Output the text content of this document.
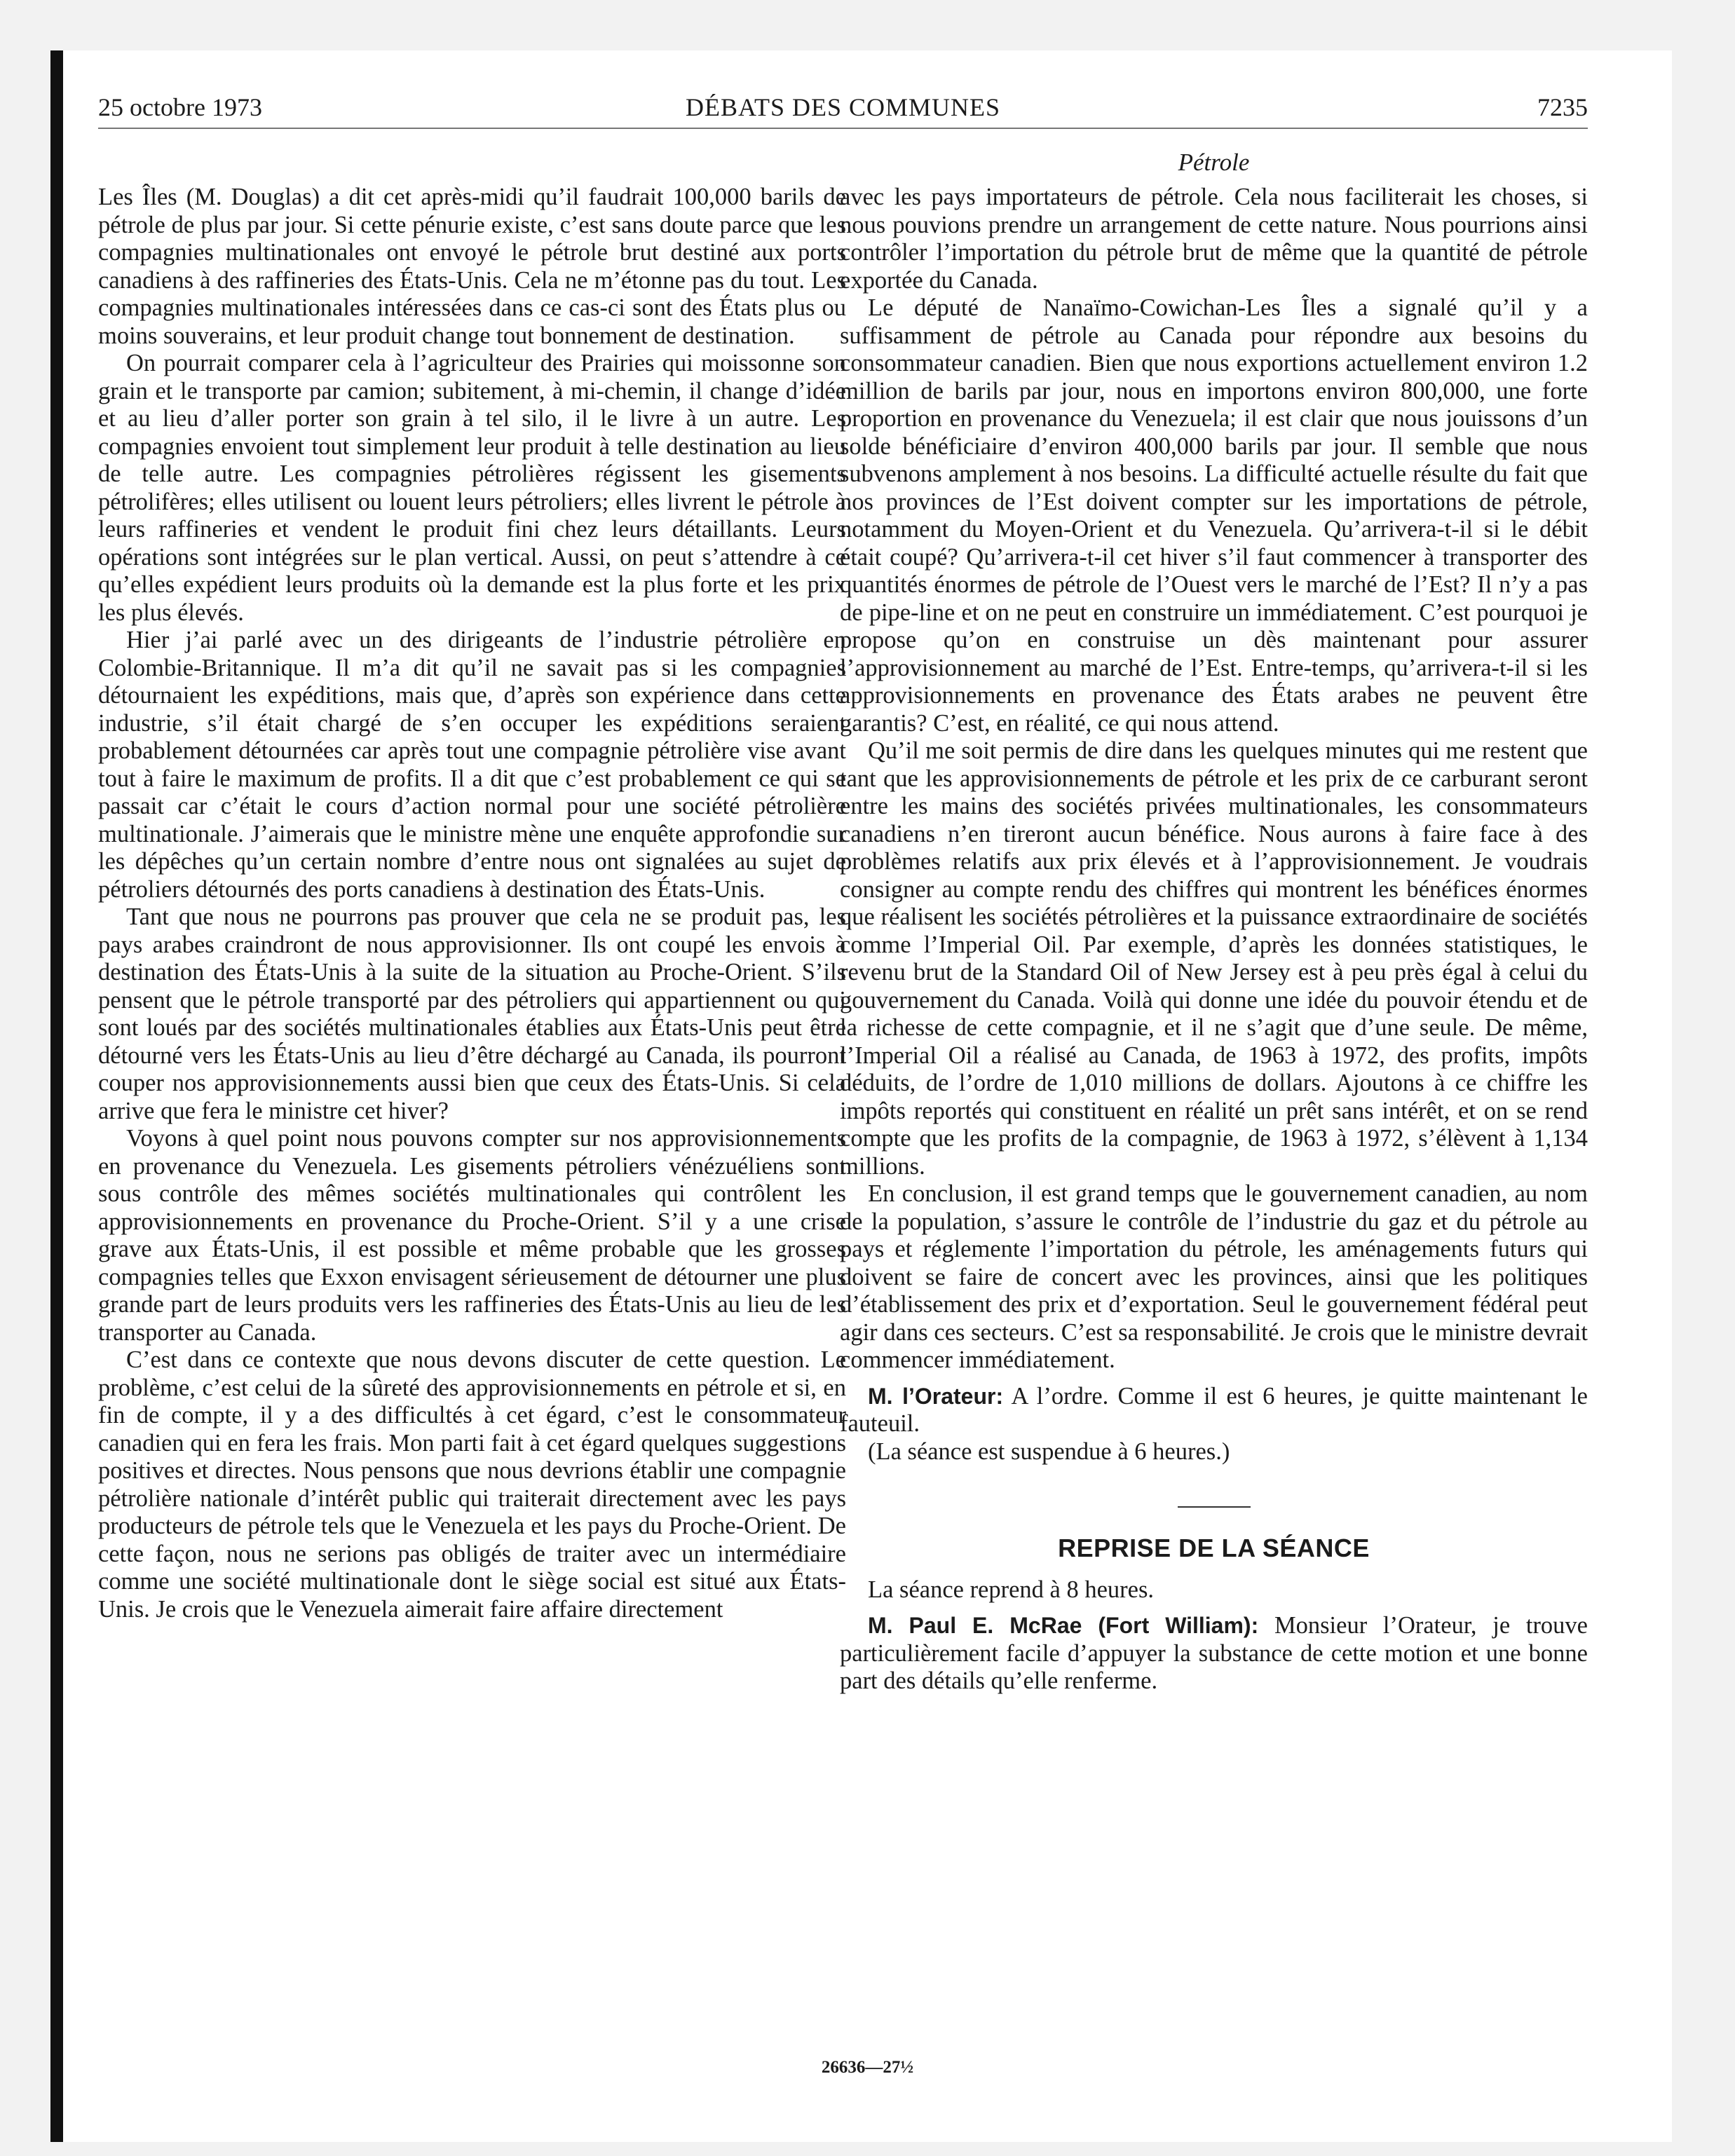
25 octobre 1973	DÉBATS DES COMMUNES	7235
Pétrole

Les Îles (M. Douglas) a dit cet après-midi qu’il faudrait 100,000 barils de pétrole de plus par jour. Si cette pénurie existe, c’est sans doute parce que les compagnies multinationales ont envoyé le pétrole brut destiné aux ports canadiens à des raffineries des États-Unis. Cela ne m’étonne pas du tout. Les compagnies multinationales intéressées dans ce cas-ci sont des États plus ou moins souverains, et leur produit change tout bonnement de destination.

On pourrait comparer cela à l’agriculteur des Prairies qui moissonne son grain et le transporte par camion; subitement, à mi-chemin, il change d’idée et au lieu d’aller porter son grain à tel silo, il le livre à un autre. Les compagnies envoient tout simplement leur produit à telle destination au lieu de telle autre. Les compagnies pétrolières régissent les gisements pétrolifères; elles utilisent ou louent leurs pétroliers; elles livrent le pétrole à leurs raffineries et vendent le produit fini chez leurs détaillants. Leurs opérations sont intégrées sur le plan vertical. Aussi, on peut s’attendre à ce qu’elles expédient leurs produits où la demande est la plus forte et les prix les plus élevés.

Hier j’ai parlé avec un des dirigeants de l’industrie pétrolière en Colombie-Britannique. Il m’a dit qu’il ne savait pas si les compagnies détournaient les expéditions, mais que, d’après son expérience dans cette industrie, s’il était chargé de s’en occuper les expéditions seraient probablement détournées car après tout une compagnie pétrolière vise avant tout à faire le maximum de profits. Il a dit que c’est probablement ce qui se passait car c’était le cours d’action normal pour une société pétrolière multinationale. J’aimerais que le ministre mène une enquête approfondie sur les dépêches qu’un certain nombre d’entre nous ont signalées au sujet de pétroliers détournés des ports canadiens à destination des États-Unis.

Tant que nous ne pourrons pas prouver que cela ne se produit pas, les pays arabes craindront de nous approvisionner. Ils ont coupé les envois à destination des États-Unis à la suite de la situation au Proche-Orient. S’ils pensent que le pétrole transporté par des pétroliers qui appartiennent ou qui sont loués par des sociétés multinationales établies aux États-Unis peut être détourné vers les États-Unis au lieu d’être déchargé au Canada, ils pourront couper nos approvisionnements aussi bien que ceux des États-Unis. Si cela arrive que fera le ministre cet hiver?

Voyons à quel point nous pouvons compter sur nos approvisionnements en provenance du Venezuela. Les gisements pétroliers vénézuéliens sont sous contrôle des mêmes sociétés multinationales qui contrôlent les approvisionnements en provenance du Proche-Orient. S’il y a une crise grave aux États-Unis, il est possible et même probable que les grosses compagnies telles que Exxon envisagent sérieusement de détourner une plus grande part de leurs produits vers les raffineries des États-Unis au lieu de les transporter au Canada.

C’est dans ce contexte que nous devons discuter de cette question. Le problème, c’est celui de la sûreté des approvisionnements en pétrole et si, en fin de compte, il y a des difficultés à cet égard, c’est le consommateur canadien qui en fera les frais. Mon parti fait à cet égard quelques suggestions positives et directes. Nous pensons que nous devrions établir une compagnie pétrolière nationale d’intérêt public qui traiterait directement avec les pays producteurs de pétrole tels que le Venezuela et les pays du Proche-Orient. De cette façon, nous ne serions pas obligés de traiter avec un intermédiaire comme une société multinationale dont le siège social est situé aux États-Unis. Je crois que le Venezuela aimerait faire affaire directement

avec les pays importateurs de pétrole. Cela nous faciliterait les choses, si nous pouvions prendre un arrangement de cette nature. Nous pourrions ainsi contrôler l’importation du pétrole brut de même que la quantité de pétrole exportée du Canada.

Le député de Nanaïmo-Cowichan-Les Îles a signalé qu’il y a suffisamment de pétrole au Canada pour répondre aux besoins du consommateur canadien. Bien que nous exportions actuellement environ 1.2 million de barils par jour, nous en importons environ 800,000, une forte proportion en provenance du Venezuela; il est clair que nous jouissons d’un solde bénéficiaire d’environ 400,000 barils par jour. Il semble que nous subvenons amplement à nos besoins. La difficulté actuelle résulte du fait que nos provinces de l’Est doivent compter sur les importations de pétrole, notamment du Moyen-Orient et du Venezuela. Qu’arrivera-t-il si le débit était coupé? Qu’arrivera-t-il cet hiver s’il faut commencer à transporter des quantités énormes de pétrole de l’Ouest vers le marché de l’Est? Il n’y a pas de pipe-line et on ne peut en construire un immédiatement. C’est pourquoi je propose qu’on en construise un dès maintenant pour assurer l’approvisionnement au marché de l’Est. Entre-temps, qu’arrivera-t-il si les approvisionnements en provenance des États arabes ne peuvent être garantis? C’est, en réalité, ce qui nous attend.

Qu’il me soit permis de dire dans les quelques minutes qui me restent que tant que les approvisionnements de pétrole et les prix de ce carburant seront entre les mains des sociétés privées multinationales, les consommateurs canadiens n’en tireront aucun bénéfice. Nous aurons à faire face à des problèmes relatifs aux prix élevés et à l’approvisionnement. Je voudrais consigner au compte rendu des chiffres qui montrent les bénéfices énormes que réalisent les sociétés pétrolières et la puissance extraordinaire de sociétés comme l’Imperial Oil. Par exemple, d’après les données statistiques, le revenu brut de la Standard Oil of New Jersey est à peu près égal à celui du gouvernement du Canada. Voilà qui donne une idée du pouvoir étendu et de la richesse de cette compagnie, et il ne s’agit que d’une seule. De même, l’Imperial Oil a réalisé au Canada, de 1963 à 1972, des profits, impôts déduits, de l’ordre de 1,010 millions de dollars. Ajoutons à ce chiffre les impôts reportés qui constituent en réalité un prêt sans intérêt, et on se rend compte que les profits de la compagnie, de 1963 à 1972, s’élèvent à 1,134 millions.

En conclusion, il est grand temps que le gouvernement canadien, au nom de la population, s’assure le contrôle de l’industrie du gaz et du pétrole au pays et réglemente l’importation du pétrole, les aménagements futurs qui doivent se faire de concert avec les provinces, ainsi que les politiques d’établissement des prix et d’exportation. Seul le gouvernement fédéral peut agir dans ces secteurs. C’est sa responsabilité. Je crois que le ministre devrait commencer immédiatement.

M. l’Orateur: A l’ordre. Comme il est 6 heures, je quitte maintenant le fauteuil.

(La séance est suspendue à 6 heures.)

REPRISE DE LA SÉANCE

La séance reprend à 8 heures.

M. Paul E. McRae (Fort William): Monsieur l’Orateur, je trouve particulièrement facile d’appuyer la substance de cette motion et une bonne part des détails qu’elle renferme.

26636—27½
